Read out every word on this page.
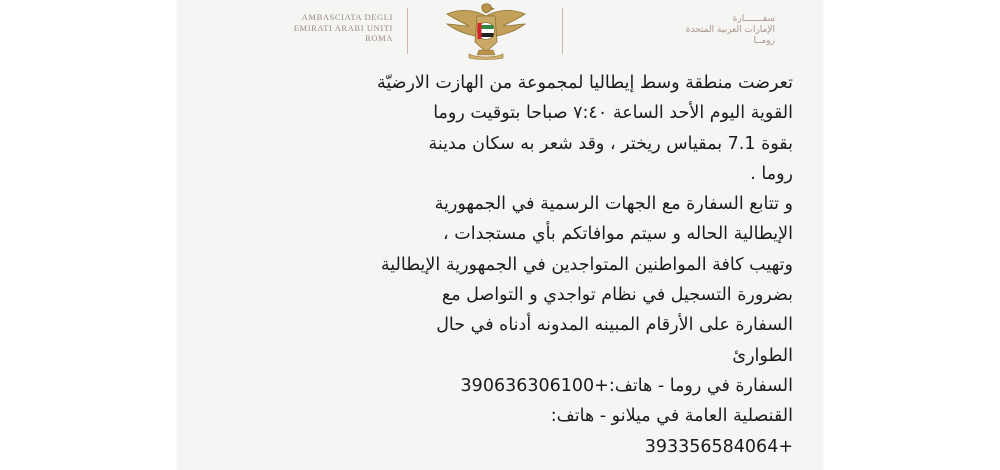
AMBASCIATA DEGLI
EMIRATI ARABI UNITI
ROMA
سفـــــــارة
الإمارات العربية المتحدة
رومــا
تعرضت منطقة وسط إيطاليا لمجموعة من الهازت الارضيّة
القوية اليوم الأحد الساعة ٧:٤٠ صباحا بتوقيت روما
بقوة 7.1 بمقياس ريختر ، وقد شعر به سكان مدينة
روما .
و تتابع السفارة مع الجهات الرسمية في الجمهورية
الإيطالية الحاله و سيتم موافاتكم بأي مستجدات ،
وتهيب كافة المواطنين المتواجدين في الجمهورية الإيطالية
بضرورة التسجيل في نظام تواجدي و التواصل مع
السفارة على الأرقام المبينه المدونه أدناه في حال
الطوارئ
السفارة في روما - هاتف:+390636306100
القنصلية العامة في ميلانو - هاتف:
+393356584064
